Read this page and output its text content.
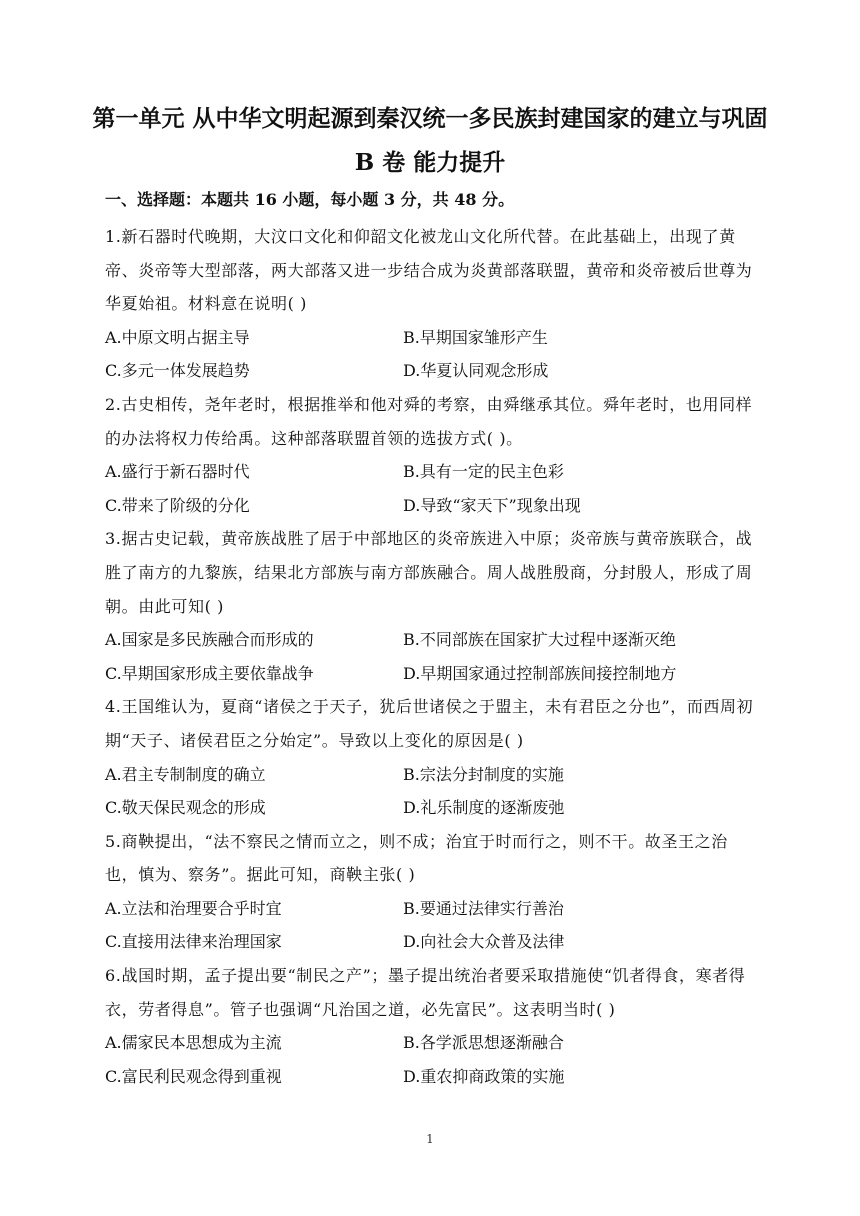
第一单元 从中华文明起源到秦汉统一多民族封建国家的建立与巩固
B 卷 能力提升

一、选择题：本题共 16 小题，每小题 3 分，共 48 分。

1.新石器时代晚期，大汶口文化和仰韶文化被龙山文化所代替。在此基础上，出现了黄帝、炎帝等大型部落，两大部落又进一步结合成为炎黄部落联盟，黄帝和炎帝被后世尊为华夏始祖。材料意在说明( )

A.中原文明占据主导	B.早期国家雏形产生
C.多元一体发展趋势	D.华夏认同观念形成

2.古史相传，尧年老时，根据推举和他对舜的考察，由舜继承其位。舜年老时，也用同样的办法将权力传给禹。这种部落联盟首领的选拔方式( )。

A.盛行于新石器时代	B.具有一定的民主色彩
C.带来了阶级的分化	D.导致“家天下”现象出现

3.据古史记载，黄帝族战胜了居于中部地区的炎帝族进入中原；炎帝族与黄帝族联合，战胜了南方的九黎族，结果北方部族与南方部族融合。周人战胜殷商，分封殷人，形成了周朝。由此可知( )

A.国家是多民族融合而形成的	B.不同部族在国家扩大过程中逐渐灭绝
C.早期国家形成主要依靠战争	D.早期国家通过控制部族间接控制地方

4.王国维认为，夏商“诸侯之于天子，犹后世诸侯之于盟主，未有君臣之分也”，而西周初期“天子、诸侯君臣之分始定”。导致以上变化的原因是( )

A.君主专制制度的确立	B.宗法分封制度的实施
C.敬天保民观念的形成	D.礼乐制度的逐渐废弛

5.商鞅提出，“法不察民之情而立之，则不成；治宜于时而行之，则不干。故圣王之治也，慎为、察务”。据此可知，商鞅主张( )

A.立法和治理要合乎时宜	B.要通过法律实行善治
C.直接用法律来治理国家	D.向社会大众普及法律

6.战国时期，孟子提出要“制民之产”；墨子提出统治者要采取措施使“饥者得食，寒者得衣，劳者得息”。管子也强调“凡治国之道，必先富民”。这表明当时( )

A.儒家民本思想成为主流	B.各学派思想逐渐融合
C.富民利民观念得到重视	D.重农抑商政策的实施
1
